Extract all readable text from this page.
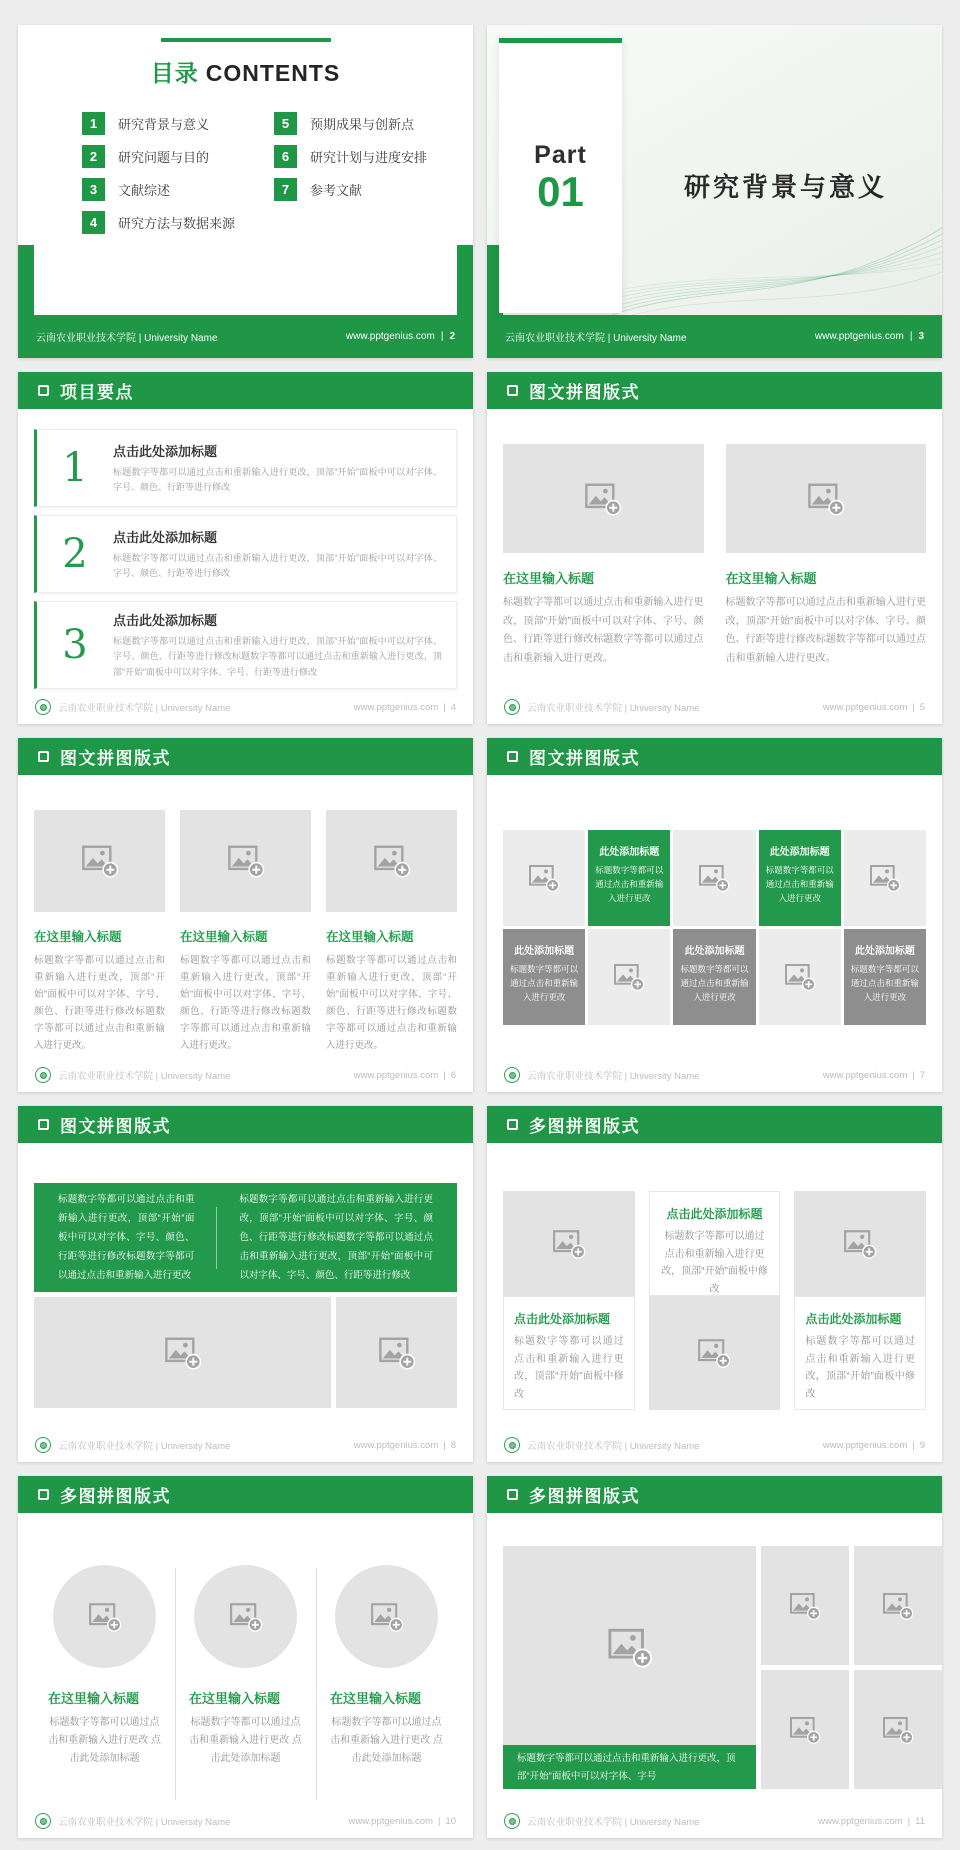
目录 CONTENTS
1	研究背景与意义
2	研究问题与目的
3	文献综述
4	研究方法与数据来源
5	预期成果与创新点
6	研究计划与进度安排
7	参考文献
云南农业职业技术学院 | University Name	www.pptgenius.com | 2
Part
01	研究背景与意义
云南农业职业技术学院 | University Name	www.pptgenius.com | 3
项目要点
1	点击此处添加标题
标题数字等都可以通过点击和重新输入进行更改，顶部“开始”面板中可以对字体、字号、颜色、行距等进行修改
2	点击此处添加标题
标题数字等都可以通过点击和重新输入进行更改，顶部“开始”面板中可以对字体、字号、颜色、行距等进行修改
3
点击此处添加标题
标题数字等都可以通过点击和重新输入进行更改，顶部“开始”面板中可以对字体、字号、颜色、行距等进行修改标题数字等都可以通过点击和重新输入进行更改，顶部“开始”面板中可以对字体、字号、行距等进行修改
云南农业职业技术学院 | University Name	www.pptgenius.com | 4
图文拼图版式
在这里输入标题
标题数字等都可以通过点击和重新输入进行更改，顶部“开始”面板中可以对字体、字号、颜色、行距等进行修改标题数字等都可以通过点击和重新输入进行更改。
在这里输入标题
标题数字等都可以通过点击和重新输入进行更改，顶部“开始”面板中可以对字体、字号、颜色、行距等进行修改标题数字等都可以通过点击和重新输入进行更改。
云南农业职业技术学院 | University Name	www.pptgenius.com | 5
图文拼图版式
在这里输入标题
标题数字等都可以通过点击和重新输入进行更改，顶部“开始”面板中可以对字体、字号、颜色、行距等进行修改标题数字等都可以通过点击和重新输入进行更改。
在这里输入标题
标题数字等都可以通过点击和重新输入进行更改，顶部“开始”面板中可以对字体、字号、颜色、行距等进行修改标题数字等都可以通过点击和重新输入进行更改。
在这里输入标题
标题数字等都可以通过点击和重新输入进行更改，顶部“开始”面板中可以对字体、字号、颜色、行距等进行修改标题数字等都可以通过点击和重新输入进行更改。
云南农业职业技术学院 | University Name	www.pptgenius.com | 6
图文拼图版式
此处添加标题
标题数字等都可以通过点击和重新输入进行更改
此处添加标题
标题数字等都可以通过点击和重新输入进行更改
此处添加标题
标题数字等都可以通过点击和重新输入进行更改
此处添加标题
标题数字等都可以通过点击和重新输入进行更改
此处添加标题
标题数字等都可以通过点击和重新输入进行更改
云南农业职业技术学院 | University Name	www.pptgenius.com | 7
图文拼图版式
标题数字等都可以通过点击和重新输入进行更改，顶部“开始”面板中可以对字体、字号、颜色、行距等进行修改标题数字等都可以通过点击和重新输入进行更改
标题数字等都可以通过点击和重新输入进行更改，顶部“开始”面板中可以对字体、字号、颜色、行距等进行修改标题数字等都可以通过点击和重新输入进行更改，顶部“开始”面板中可以对字体、字号、颜色、行距等进行修改
云南农业职业技术学院 | University Name	www.pptgenius.com | 8
多图拼图版式
点击此处添加标题
标题数字等都可以通过点击和重新输入进行更改，顶部“开始”面板中修改
点击此处添加标题
标题数字等都可以通过点击和重新输入进行更改，顶部“开始”面板中修改
点击此处添加标题
标题数字等都可以通过点击和重新输入进行更改，顶部“开始”面板中修改
云南农业职业技术学院 | University Name	www.pptgenius.com | 9
多图拼图版式
在这里输入标题
标题数字等都可以通过点击和重新输入进行更改 点击此处添加标题
在这里输入标题
标题数字等都可以通过点击和重新输入进行更改 点击此处添加标题
在这里输入标题
标题数字等都可以通过点击和重新输入进行更改 点击此处添加标题
云南农业职业技术学院 | University Name	www.pptgenius.com | 10
多图拼图版式
标题数字等都可以通过点击和重新输入进行更改，顶部“开始”面板中可以对字体、字号
云南农业职业技术学院 | University Name	www.pptgenius.com | 11
